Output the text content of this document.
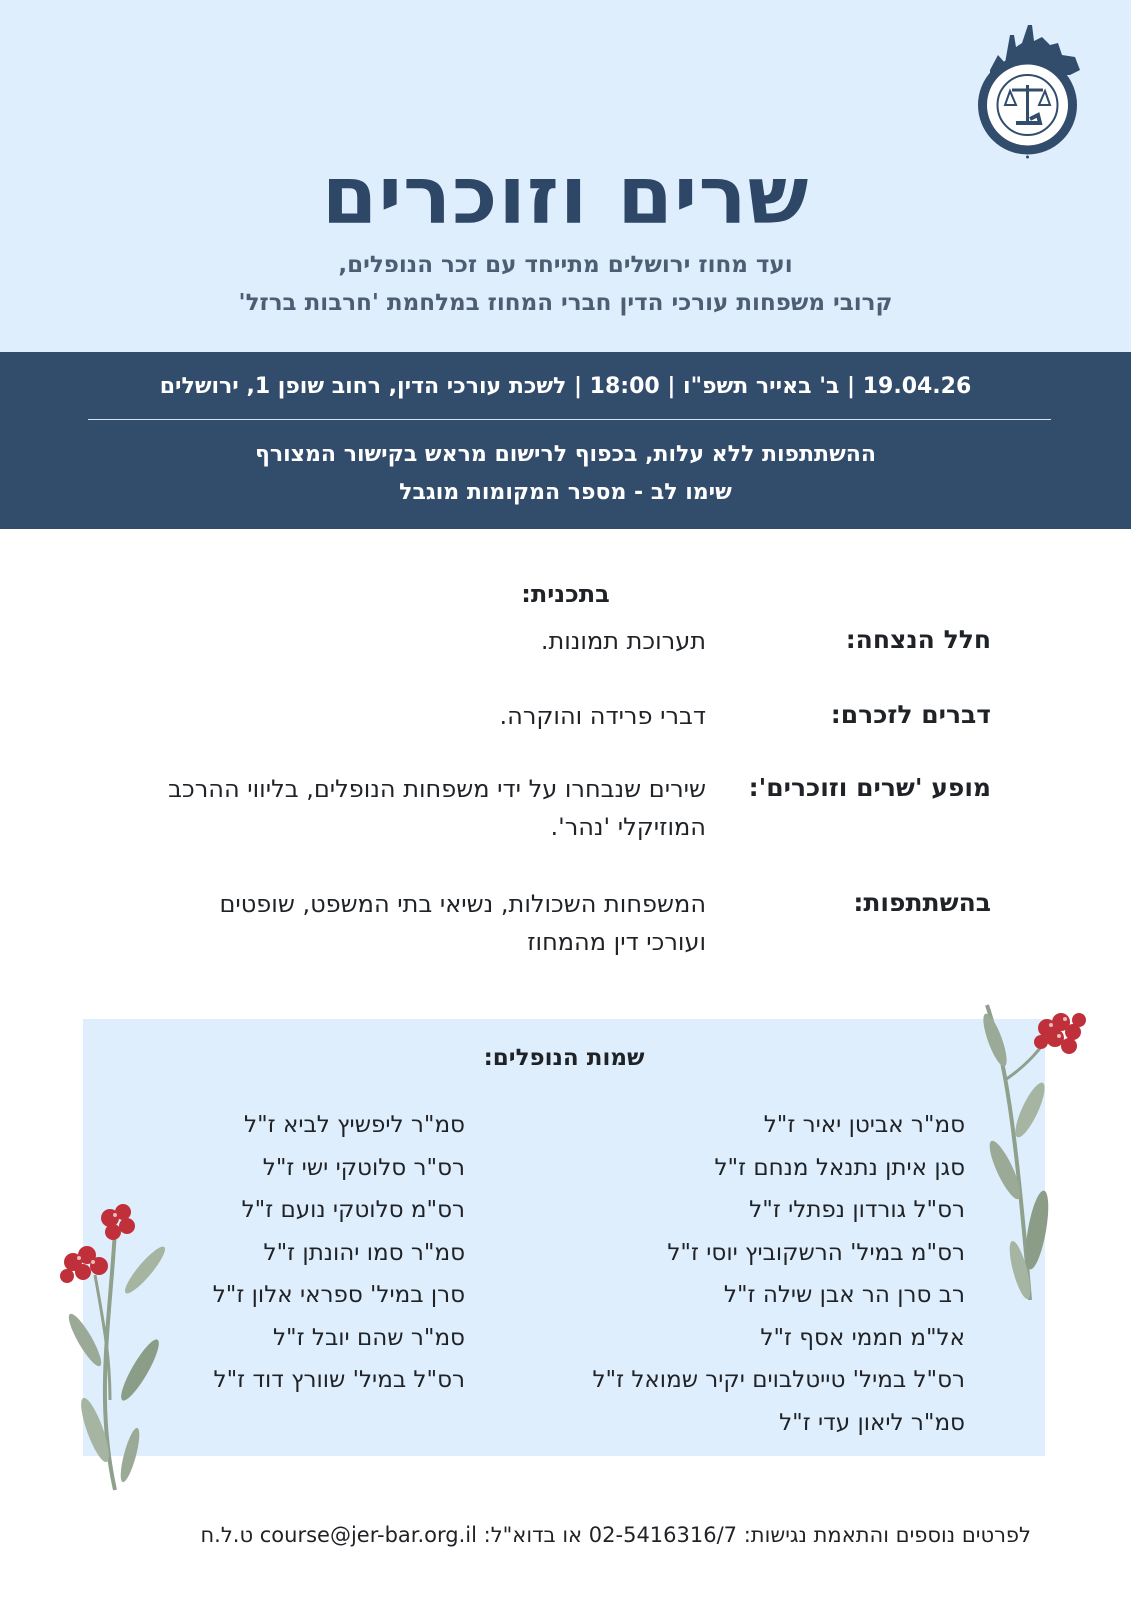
שרים וזוכרים
ועד מחוז ירושלים מתייחד עם זכר הנופלים,
קרובי משפחות עורכי הדין חברי המחוז במלחמת 'חרבות ברזל'
19.04.26 | ב' באייר תשפ"ו | 18:00 | לשכת עורכי הדין, רחוב שופן 1, ירושלים
ההשתתפות ללא עלות, בכפוף לרישום מראש בקישור המצורף
שימו לב - מספר המקומות מוגבל
בתכנית:
חלל הנצחה:
תערוכת תמונות.
דברים לזכרם:
דברי פרידה והוקרה.
מופע 'שרים וזוכרים':
שירים שנבחרו על ידי משפחות הנופלים, בליווי ההרכב המוזיקלי 'נהר'.
בהשתתפות:
המשפחות השכולות, נשיאי בתי המשפט, שופטים ועורכי דין מהמחוז
שמות הנופלים:
סמ"ר אביטן יאיר ז"ל
סגן איתן נתנאל מנחם ז"ל
רס"ל גורדון נפתלי ז"ל
רס"מ במיל' הרשקוביץ יוסי ז"ל
רב סרן הר אבן שילה ז"ל
אל"מ חממי אסף ז"ל
רס"ל במיל' טייטלבוים יקיר שמואל ז"ל
סמ"ר ליאון עדי ז"ל
סמ"ר ליפשיץ לביא ז"ל
רס"ר סלוטקי ישי ז"ל
רס"מ סלוטקי נועם ז"ל
סמ"ר סמו יהונתן ז"ל
סרן במיל' ספראי אלון ז"ל
סמ"ר שהם יובל ז"ל
רס"ל במיל' שוורץ דוד ז"ל
לפרטים נוספים והתאמת נגישות: 02-5416316/7 או בדוא"ל: course@jer-bar.org.il ט.ל.ח
